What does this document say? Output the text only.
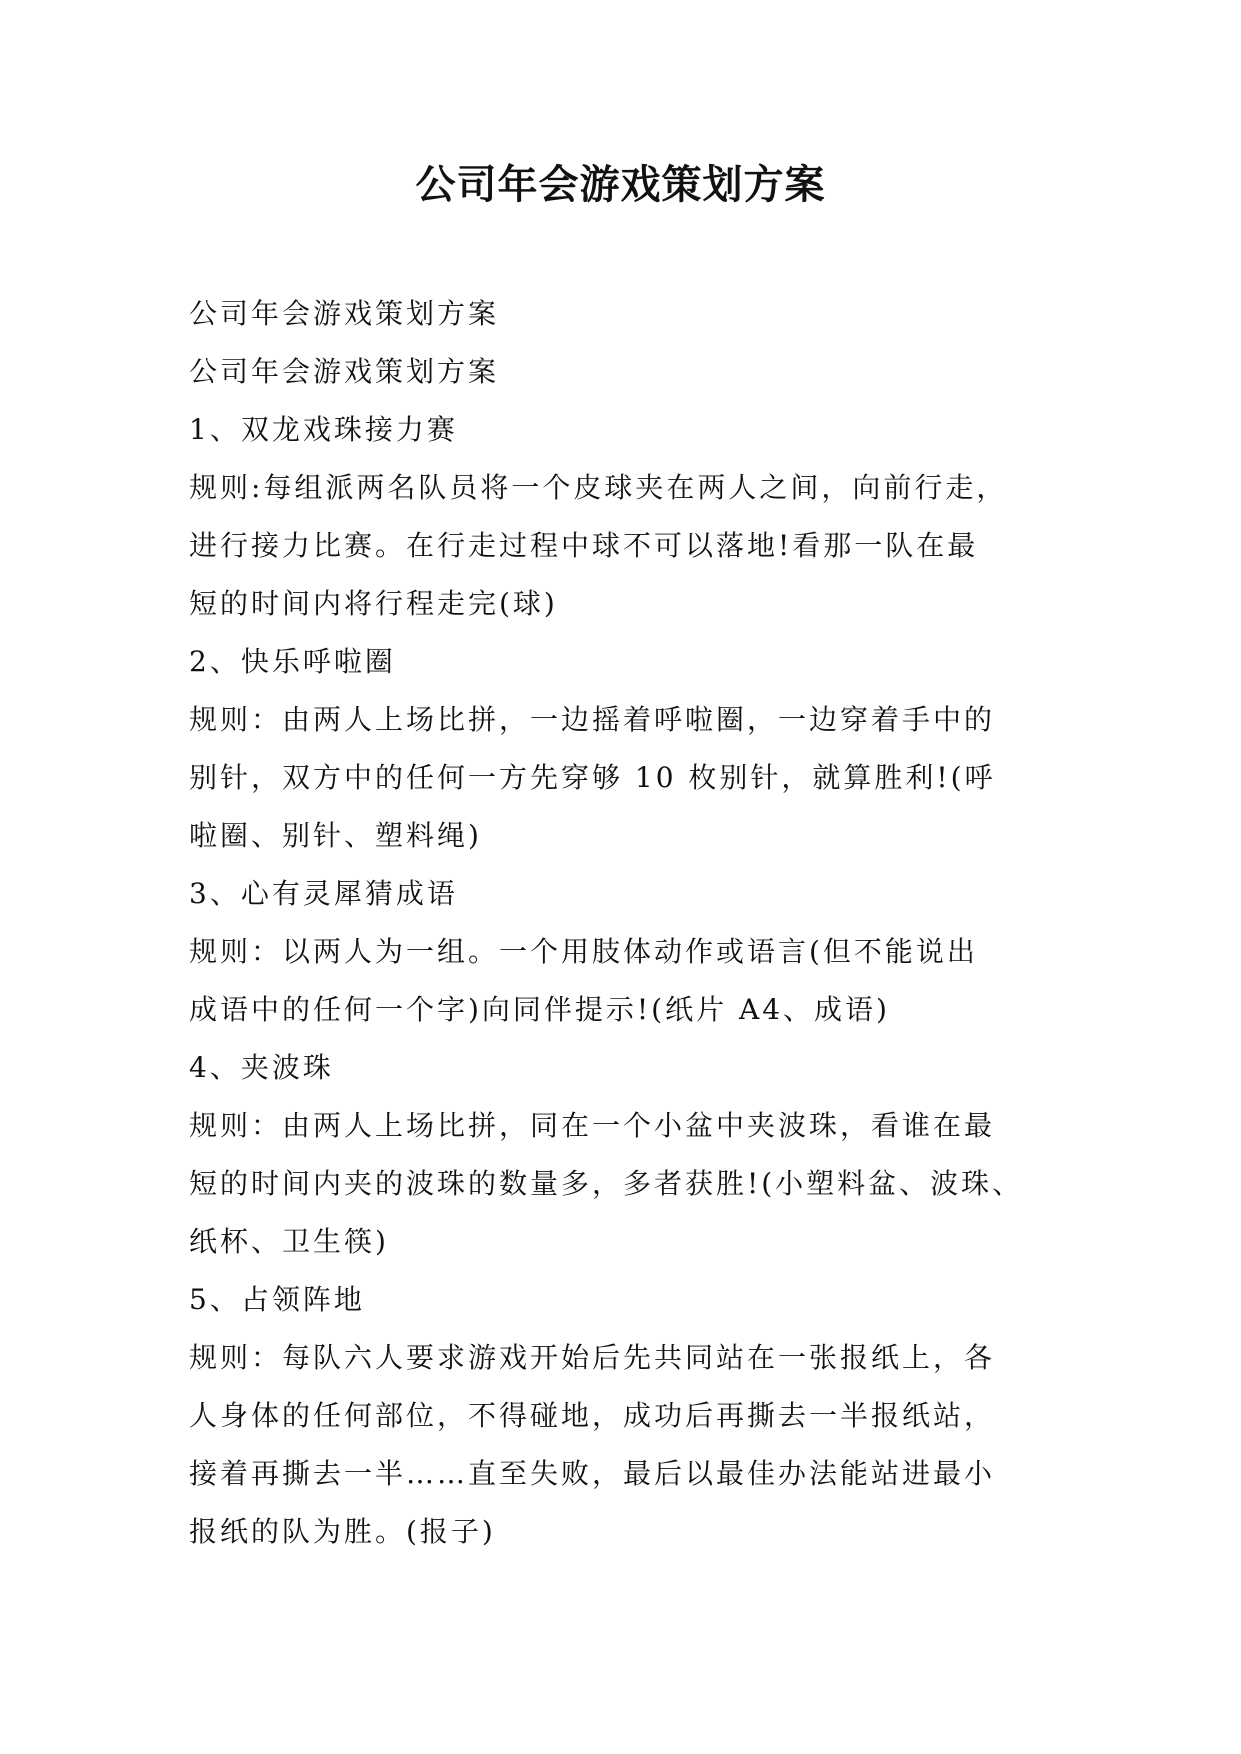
公司年会游戏策划方案

公司年会游戏策划方案

公司年会游戏策划方案

1、双龙戏珠接力赛

规则:每组派两名队员将一个皮球夹在两人之间，向前行走，

进行接力比赛。在行走过程中球不可以落地!看那一队在最

短的时间内将行程走完(球)

2、快乐呼啦圈

规则：由两人上场比拼，一边摇着呼啦圈，一边穿着手中的

别针，双方中的任何一方先穿够 10 枚别针，就算胜利!(呼

啦圈、别针、塑料绳)

3、心有灵犀猜成语

规则：以两人为一组。一个用肢体动作或语言(但不能说出

成语中的任何一个字)向同伴提示!(纸片 A4、成语)

4、夹波珠

规则：由两人上场比拼，同在一个小盆中夹波珠，看谁在最

短的时间内夹的波珠的数量多，多者获胜!(小塑料盆、波珠、

纸杯、卫生筷)

5、占领阵地

规则：每队六人要求游戏开始后先共同站在一张报纸上，各

人身体的任何部位，不得碰地，成功后再撕去一半报纸站，

接着再撕去一半……直至失败，最后以最佳办法能站进最小

报纸的队为胜。(报子)
